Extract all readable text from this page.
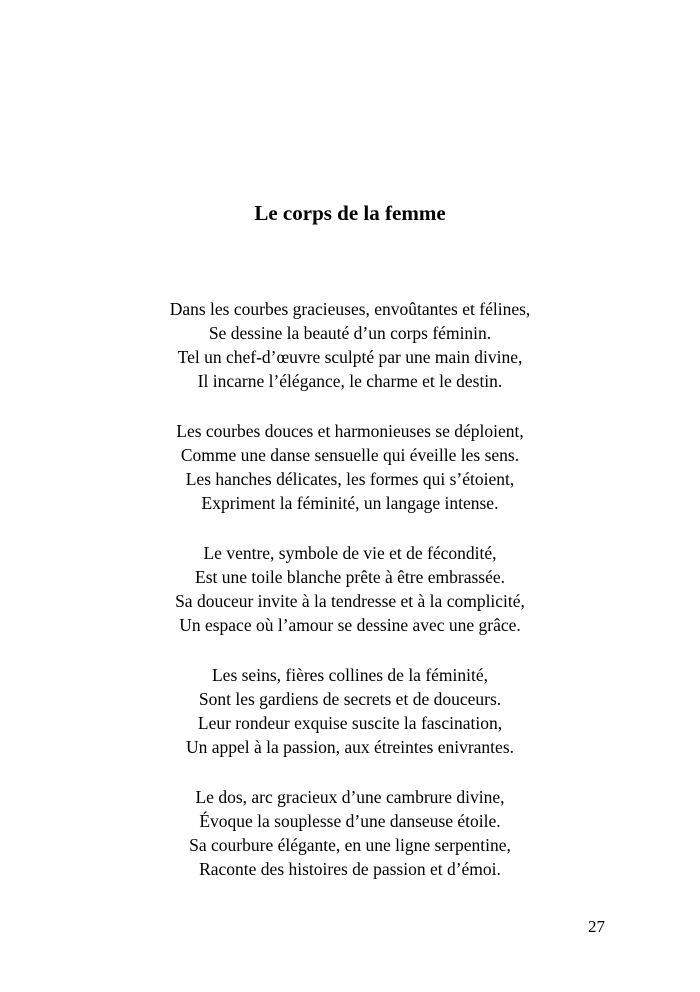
Le corps de la femme
Dans les courbes gracieuses, envoûtantes et félines,
Se dessine la beauté d’un corps féminin.
Tel un chef-d’œuvre sculpté par une main divine,
Il incarne l’élégance, le charme et le destin.
Les courbes douces et harmonieuses se déploient,
Comme une danse sensuelle qui éveille les sens.
Les hanches délicates, les formes qui s’étoient,
Expriment la féminité, un langage intense.
Le ventre, symbole de vie et de fécondité,
Est une toile blanche prête à être embrassée.
Sa douceur invite à la tendresse et à la complicité,
Un espace où l’amour se dessine avec une grâce.
Les seins, fières collines de la féminité,
Sont les gardiens de secrets et de douceurs.
Leur rondeur exquise suscite la fascination,
Un appel à la passion, aux étreintes enivrantes.
Le dos, arc gracieux d’une cambrure divine,
Évoque la souplesse d’une danseuse étoile.
Sa courbure élégante, en une ligne serpentine,
Raconte des histoires de passion et d’émoi.
27
